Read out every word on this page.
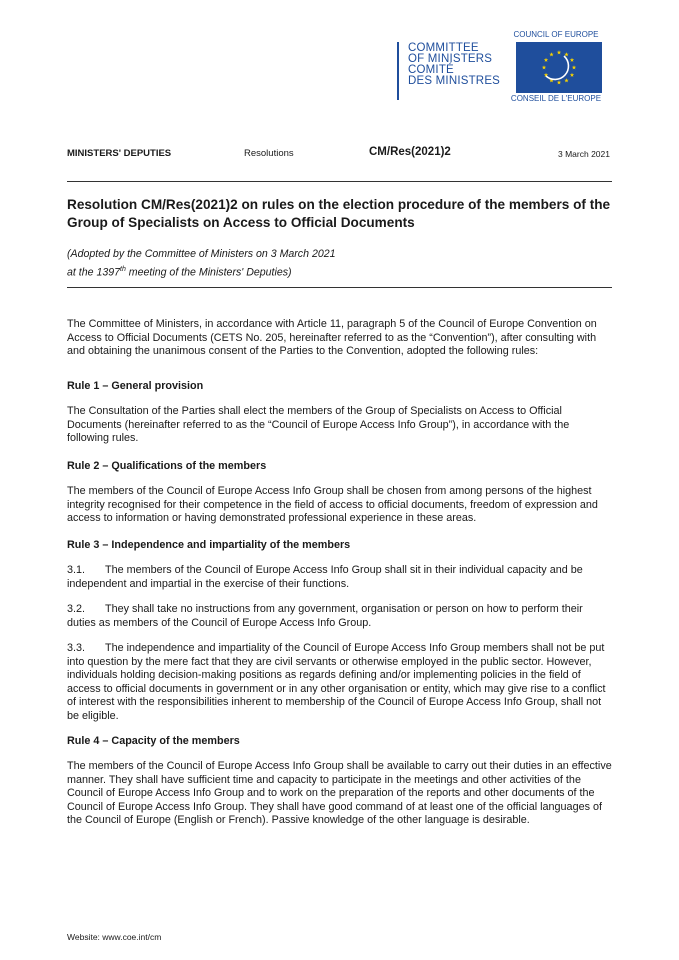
COMMITTEE
OF MINISTERS
COMITÉ
DES MINISTRES
COUNCIL OF EUROPE
CONSEIL DE L'EUROPE
MINISTERS' DEPUTIES	Resolutions	CM/Res(2021)2	3 March 2021
Resolution CM/Res(2021)2 on rules on the election procedure of the members of the Group of Specialists on Access to Official Documents
(Adopted by the Committee of Ministers on 3 March 2021
at the 1397th meeting of the Ministers' Deputies)
The Committee of Ministers, in accordance with Article 11, paragraph 5 of the Council of Europe Convention on Access to Official Documents (CETS No. 205, hereinafter referred to as the “Convention”), after consulting with and obtaining the unanimous consent of the Parties to the Convention, adopted the following rules:
Rule 1 – General provision
The Consultation of the Parties shall elect the members of the Group of Specialists on Access to Official Documents (hereinafter referred to as the “Council of Europe Access Info Group”), in accordance with the following rules.
Rule 2 – Qualifications of the members
The members of the Council of Europe Access Info Group shall be chosen from among persons of the highest integrity recognised for their competence in the field of access to official documents, freedom of expression and access to information or having demonstrated professional experience in these areas.
Rule 3 – Independence and impartiality of the members
3.1. The members of the Council of Europe Access Info Group shall sit in their individual capacity and be independent and impartial in the exercise of their functions.
3.2. They shall take no instructions from any government, organisation or person on how to perform their duties as members of the Council of Europe Access Info Group.
3.3. The independence and impartiality of the Council of Europe Access Info Group members shall not be put into question by the mere fact that they are civil servants or otherwise employed in the public sector. However, individuals holding decision-making positions as regards defining and/or implementing policies in the field of access to official documents in government or in any other organisation or entity, which may give rise to a conflict of interest with the responsibilities inherent to membership of the Council of Europe Access Info Group, shall not be eligible.
Rule 4 – Capacity of the members
The members of the Council of Europe Access Info Group shall be available to carry out their duties in an effective manner. They shall have sufficient time and capacity to participate in the meetings and other activities of the Council of Europe Access Info Group and to work on the preparation of the reports and other documents of the Council of Europe Access Info Group. They shall have good command of at least one of the official languages of the Council of Europe (English or French). Passive knowledge of the other language is desirable.
Website: www.coe.int/cm
